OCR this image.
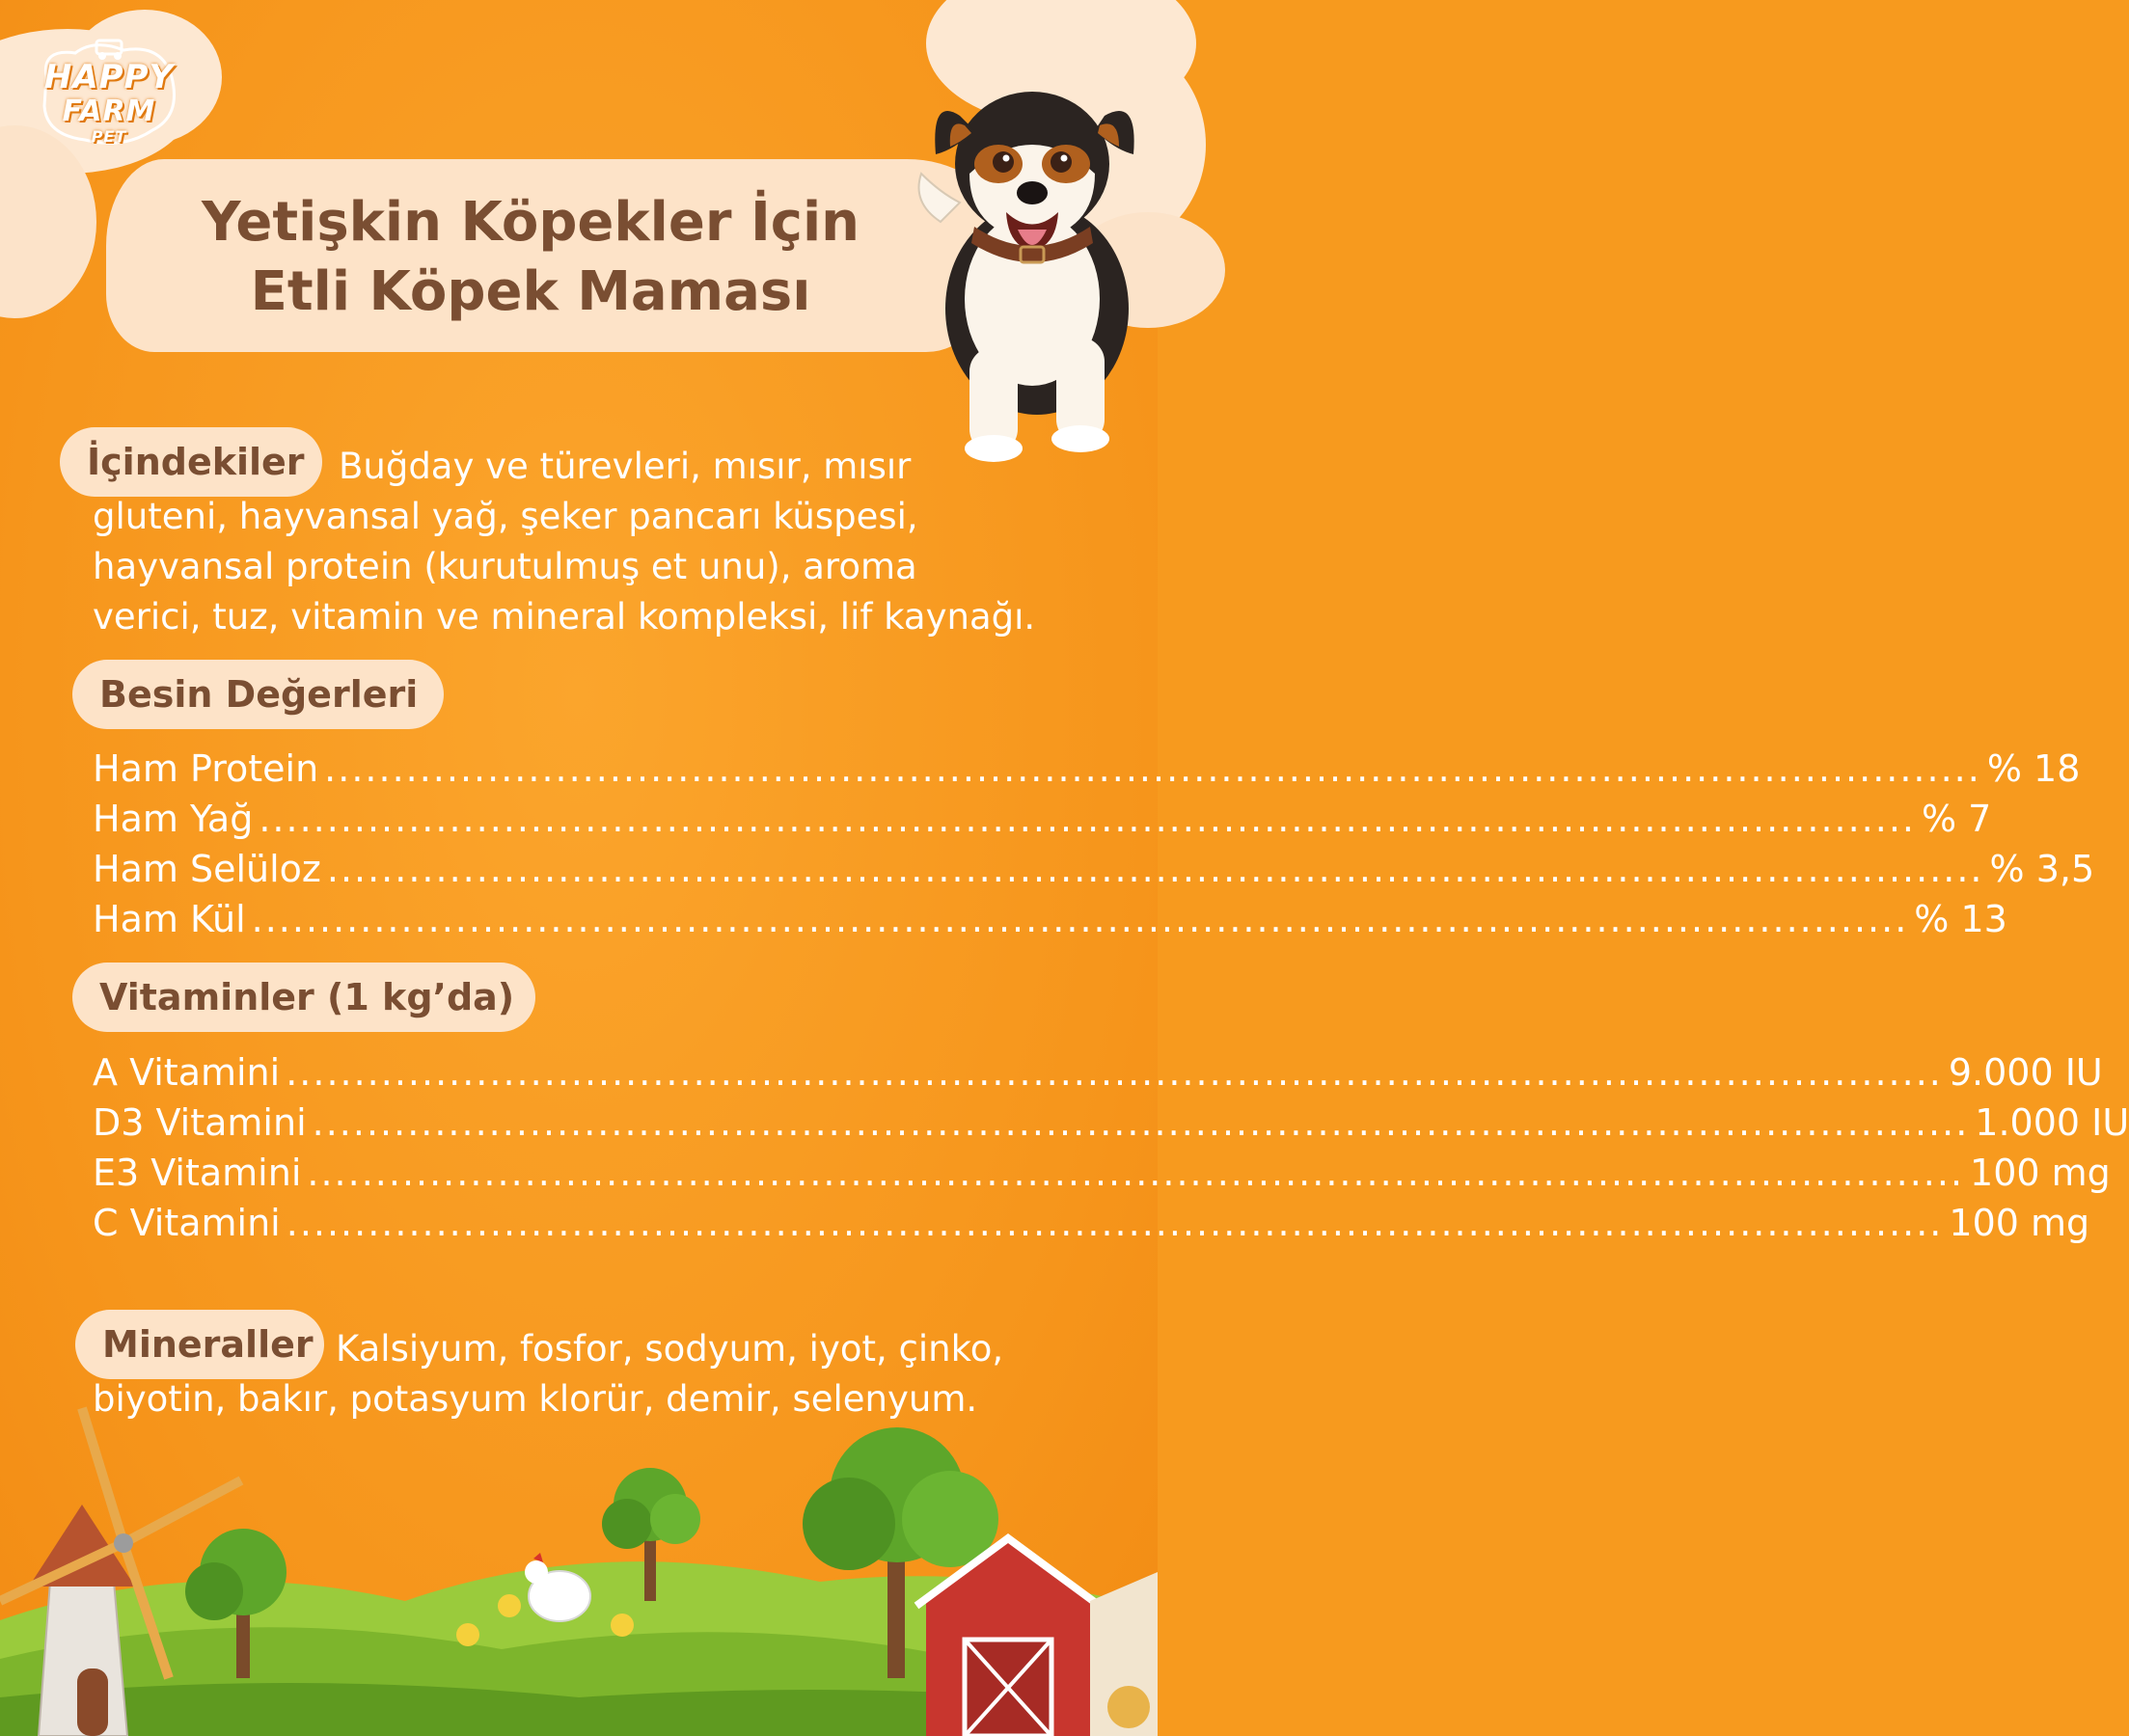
HAPPY
FARM
PET
Yetişkin Köpekler İçin
Etli Köpek Maması
İçindekiler Buğday ve türevleri, mısır, mısır
gluteni, hayvansal yağ, şeker pancarı küspesi,
hayvansal protein (kurutulmuş et unu), aroma
verici, tuz, vitamin ve mineral kompleksi, lif kaynağı.
Besin Değerleri
Ham Protein .......................................................................................................................... % 18
Ham Yağ .......................................................................................................................... % 7
Ham Selüloz .......................................................................................................................... % 3,5
Ham Kül .......................................................................................................................... % 13
Vitaminler (1 kg’da)
A Vitamini .......................................................................................................................... 9.000 IU
D3 Vitamini .......................................................................................................................... 1.000 IU
E3 Vitamini .......................................................................................................................... 100 mg
C Vitamini .......................................................................................................................... 100 mg
Mineraller Kalsiyum, fosfor, sodyum, iyot, çinko,
biyotin, bakır, potasyum klorür, demir, selenyum.
